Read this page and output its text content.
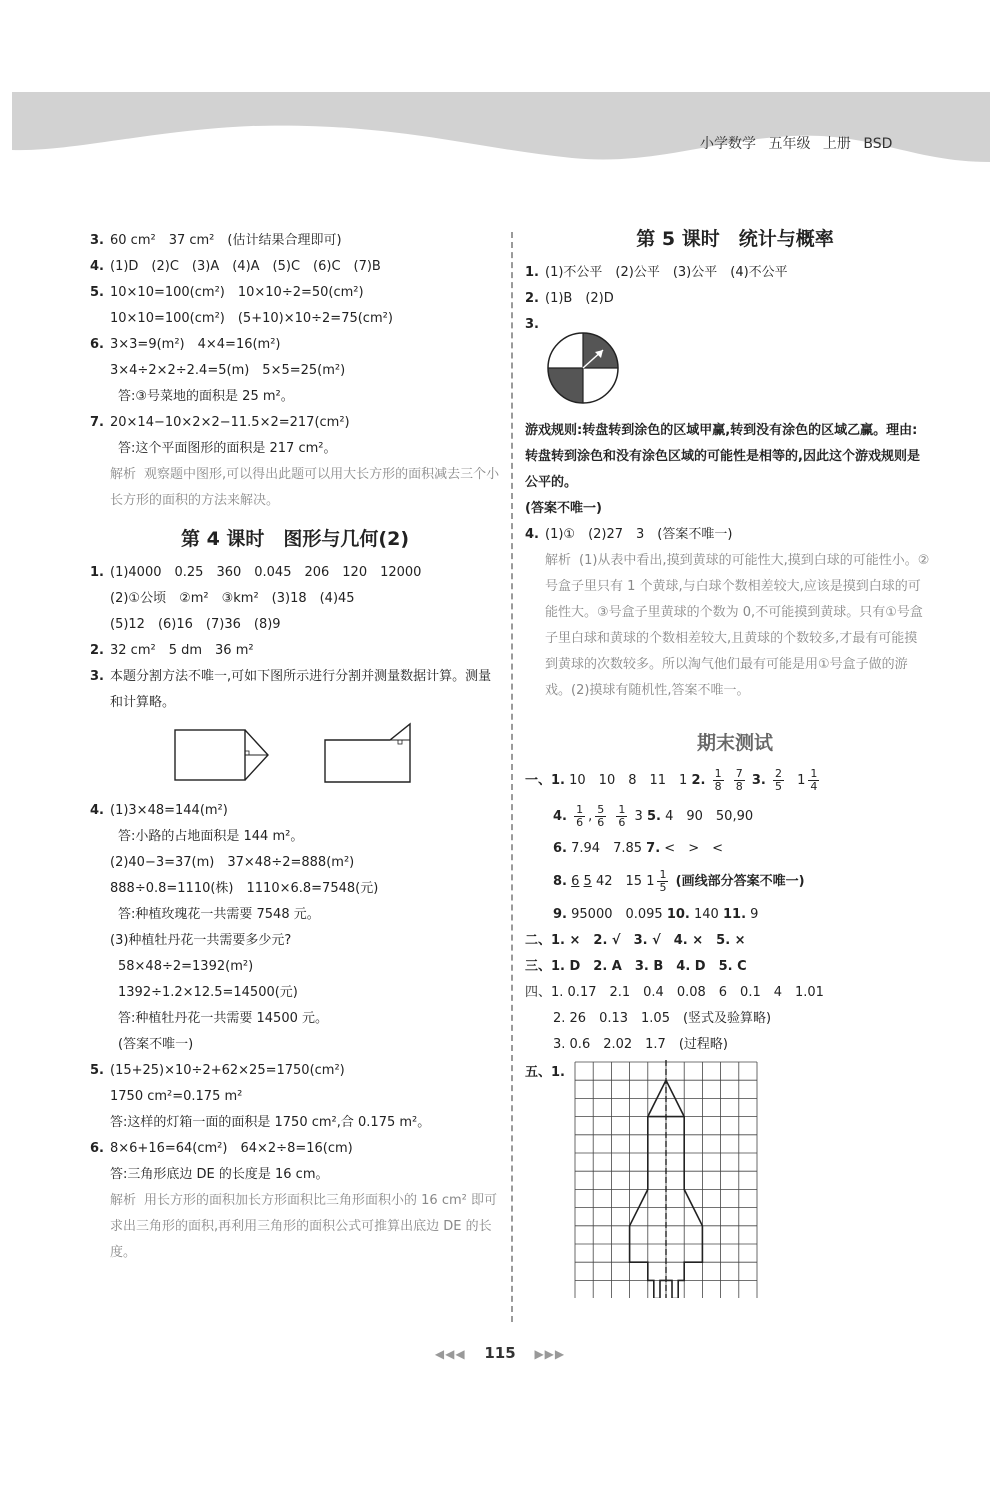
小学数学 五年级 上册 BSD
3. 60 cm²　37 cm²　(估计结果合理即可)
4. (1)D　(2)C　(3)A　(4)A　(5)C　(6)C　(7)B
5. 10×10=100(cm²)　10×10÷2=50(cm²)
10×10=100(cm²)　(5+10)×10÷2=75(cm²)
6. 3×3=9(m²)　4×4=16(m²)
3×4÷2×2÷2.4=5(m)　5×5=25(m²)
答:③号菜地的面积是 25 m²。
7. 20×14−10×2×2−11.5×2=217(cm²)
答:这个平面图形的面积是 217 cm²。
解析 观察题中图形,可以得出此题可以用大长方形的面积减去三个小长方形的面积的方法来解决。
第 4 课时　图形与几何(2)
1. (1)4000　0.25　360　0.045　206　120　12000
(2)①公顷　②m²　③km²　(3)18　(4)45
(5)12　(6)16　(7)36　(8)9
2. 32 cm²　5 dm　36 m²
3. 本题分割方法不唯一,可如下图所示进行分割并测量数据计算。测量和计算略。
4. (1)3×48=144(m²)
答:小路的占地面积是 144 m²。
(2)40−3=37(m)　37×48÷2=888(m²)
888÷0.8=1110(株)　1110×6.8=7548(元)
答:种植玫瑰花一共需要 7548 元。
(3)种植牡丹花一共需要多少元?
58×48÷2=1392(m²)
1392÷1.2×12.5=14500(元)
答:种植牡丹花一共需要 14500 元。
(答案不唯一)
5. (15+25)×10÷2+62×25=1750(cm²)
1750 cm²=0.175 m²
答:这样的灯箱一面的面积是 1750 cm²,合 0.175 m²。
6. 8×6+16=64(cm²)　64×2÷8=16(cm)
答:三角形底边 DE 的长度是 16 cm。
解析 用长方形的面积加长方形面积比三角形面积小的 16 cm² 即可求出三角形的面积,再利用三角形的面积公式可推算出底边 DE 的长度。
第 5 课时　统计与概率
1. (1)不公平　(2)公平　(3)公平　(4)不公平
2. (1)B　(2)D
3.
游戏规则:转盘转到涂色的区域甲赢,转到没有涂色的区域乙赢。理由:转盘转到涂色和没有涂色区域的可能性是相等的,因此这个游戏规则是公平的。
(答案不唯一)
4. (1)①　(2)27　3　(答案不唯一)
解析 (1)从表中看出,摸到黄球的可能性大,摸到白球的可能性小。②号盒子里只有 1 个黄球,与白球个数相差较大,应该是摸到白球的可能性大。③号盒子里黄球的个数为 0,不可能摸到黄球。只有①号盒子里白球和黄球的个数相差较大,且黄球的个数较多,才最有可能摸到黄球的次数较多。所以淘气他们最有可能是用①号盒子做的游戏。(2)摸球有随机性,答案不唯一。
期末测试
一、1. 10　10　8　11　1 2. $\frac{1}{8}$
$\frac{7}{8} 3$. $\frac{2}{5} 1 \frac{1}{4}$
4. $\frac{1}{6}$ , $\frac{5}{6}$
$\frac{1}{6} 3$ 5. 4　90　50,90
6. 7.94　7.85 7. <　>　<
8. 6 5 42　15 $1 \frac{1}{5}$ (画线部分答案不唯一)
9. 95000　0.095 10. 140 11. 9
二、1. ×　2. √　3. √　4. ×　5. ×
三、1. D　2. A　3. B　4. D　5. C
四、1. 0.17　2.1　0.4　0.08　6　0.1　4　1.01
2. 26　0.13　1.05　(竖式及验算略)
3. 0.6　2.02　1.7　(过程略)
五、1.
◀◀◀ 115 ▶▶▶
